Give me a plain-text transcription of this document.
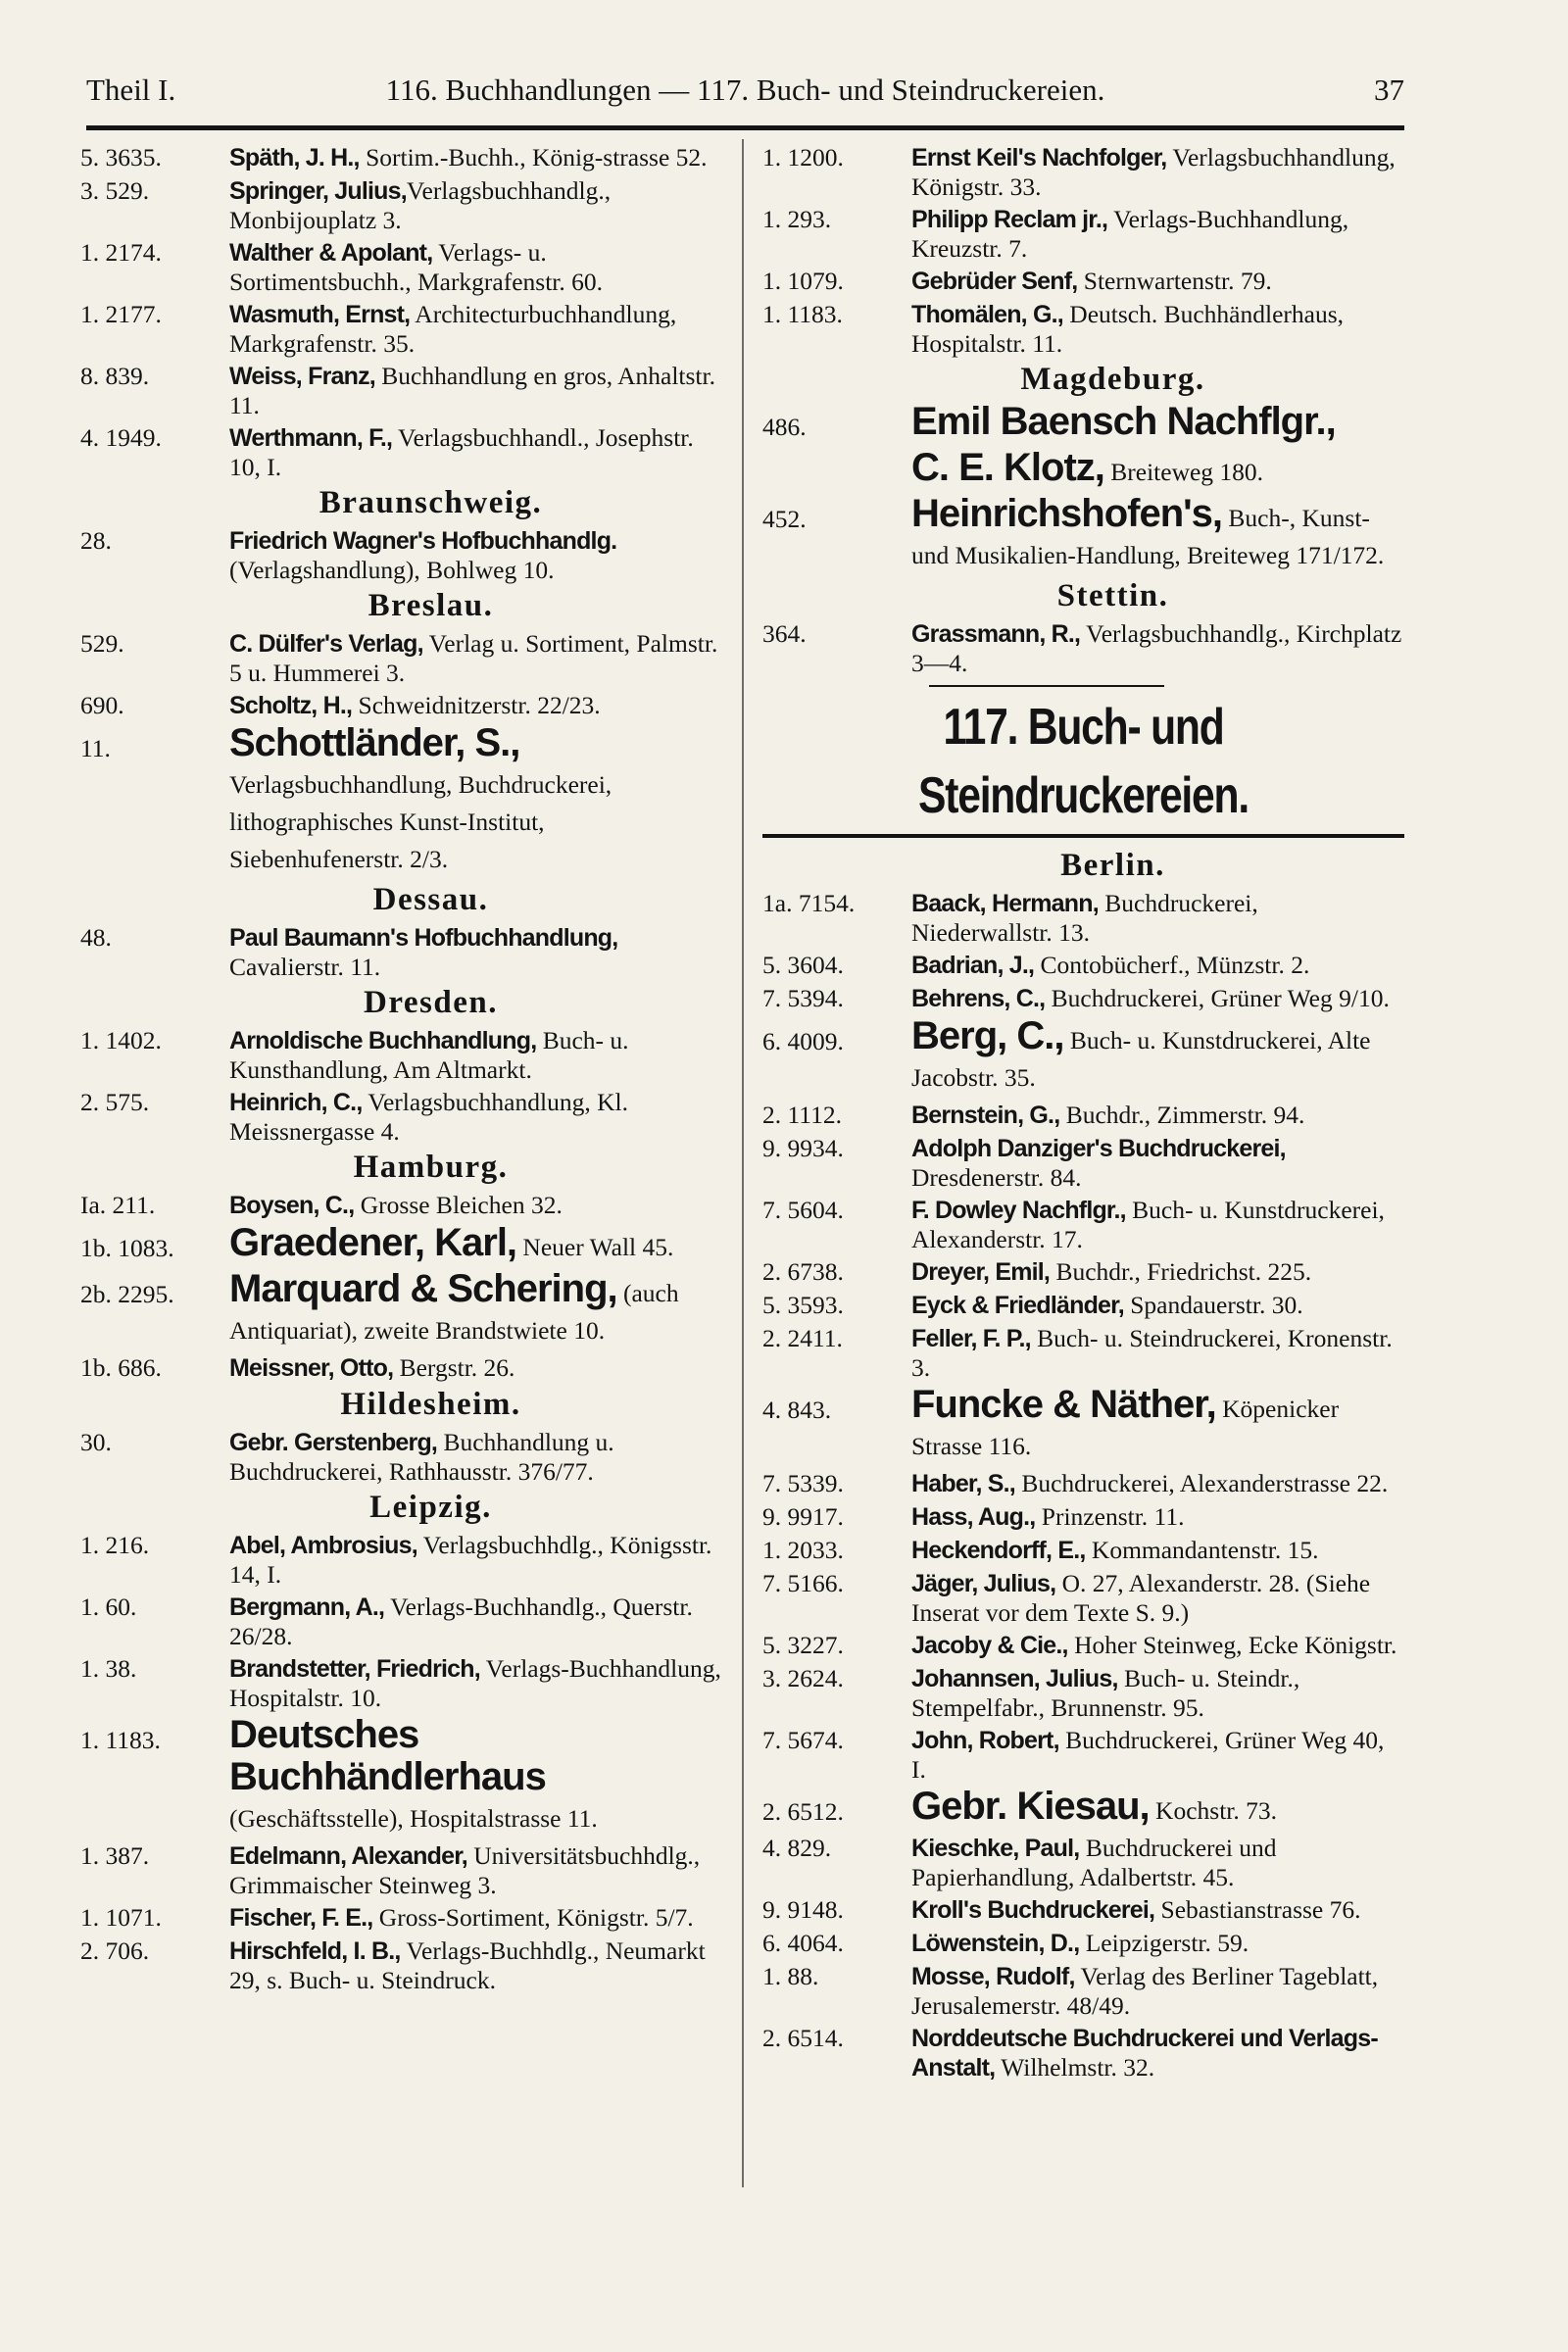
Theil I.	116. Buchhandlungen — 117. Buch- und Steindruckereien.	37
5. 3635.	Späth, J. H., Sortim.-Buchh., König-strasse 52.
3. 529.	Springer, Julius,Verlagsbuchhandlg., Monbijouplatz 3.
1. 2174.	Walther & Apolant, Verlags- u. Sortimentsbuchh., Markgrafenstr. 60.
1. 2177.	Wasmuth, Ernst, Architecturbuchhandlung, Markgrafenstr. 35.
8. 839.	Weiss, Franz, Buchhandlung en gros, Anhaltstr. 11.
4. 1949.	Werthmann, F., Verlagsbuchhandl., Josephstr. 10, I.
Braunschweig.
28.	Friedrich Wagner's Hofbuchhandlg. (Verlagshandlung), Bohlweg 10.
Breslau.
529.	C. Dülfer's Verlag, Verlag u. Sortiment, Palmstr. 5 u. Hummerei 3.
690.	Scholtz, H., Schweidnitzerstr. 22/23.
11.	Schottländer, S., Verlagsbuchhandlung, Buchdruckerei, lithographisches Kunst-Institut, Siebenhufenerstr. 2/3.
Dessau.
48.	Paul Baumann's Hofbuchhandlung, Cavalierstr. 11.
Dresden.
1. 1402.	Arnoldische Buchhandlung, Buch- u. Kunsthandlung, Am Altmarkt.
2. 575.	Heinrich, C., Verlagsbuchhandlung, Kl. Meissnergasse 4.
Hamburg.
Ia. 211.	Boysen, C., Grosse Bleichen 32.
1b. 1083.	Graedener, Karl, Neuer Wall 45.
2b. 2295.	Marquard & Schering, (auch Antiquariat), zweite Brandstwiete 10.
1b. 686.	Meissner, Otto, Bergstr. 26.
Hildesheim.
30.	Gebr. Gerstenberg, Buchhandlung u. Buchdruckerei, Rathhausstr. 376/77.
Leipzig.
1. 216.	Abel, Ambrosius, Verlagsbuchhdlg., Königsstr. 14, I.
1. 60.	Bergmann, A., Verlags-Buchhandlg., Querstr. 26/28.
1. 38.	Brandstetter, Friedrich, Verlags-Buchhandlung, Hospitalstr. 10.
1. 1183.	Deutsches Buchhändlerhaus (Geschäftsstelle), Hospitalstrasse 11.
1. 387.	Edelmann, Alexander, Universitätsbuchhdlg., Grimmaischer Steinweg 3.
1. 1071.	Fischer, F. E., Gross-Sortiment, Königstr. 5/7.
2. 706.	Hirschfeld, I. B., Verlags-Buchhdlg., Neumarkt 29, s. Buch- u. Steindruck.
1. 1200.	Ernst Keil's Nachfolger, Verlagsbuchhandlung, Königstr. 33.
1. 293.	Philipp Reclam jr., Verlags-Buchhandlung, Kreuzstr. 7.
1. 1079.	Gebrüder Senf, Sternwartenstr. 79.
1. 1183.	Thomälen, G., Deutsch. Buchhändlerhaus, Hospitalstr. 11.
Magdeburg.
486.	Emil Baensch Nachflgr.,
C. E. Klotz, Breiteweg 180.
452.	Heinrichshofen's, Buch-, Kunst- und Musikalien-Handlung, Breiteweg 171/172.
Stettin.
364.	Grassmann, R., Verlagsbuchhandlg., Kirchplatz 3—4.
117. Buch- und Steindruckereien.
Berlin.
1a. 7154.	Baack, Hermann, Buchdruckerei, Niederwallstr. 13.
5. 3604.	Badrian, J., Contobücherf., Münzstr. 2.
7. 5394.	Behrens, C., Buchdruckerei, Grüner Weg 9/10.
6. 4009.	Berg, C., Buch- u. Kunstdruckerei, Alte Jacobstr. 35.
2. 1112.	Bernstein, G., Buchdr., Zimmerstr. 94.
9. 9934.	Adolph Danziger's Buchdruckerei, Dresdenerstr. 84.
7. 5604.	F. Dowley Nachflgr., Buch- u. Kunstdruckerei, Alexanderstr. 17.
2. 6738.	Dreyer, Emil, Buchdr., Friedrichst. 225.
5. 3593.	Eyck & Friedländer, Spandauerstr. 30.
2. 2411.	Feller, F. P., Buch- u. Steindruckerei, Kronenstr. 3.
4. 843.	Funcke & Näther, Köpenicker Strasse 116.
7. 5339.	Haber, S., Buchdruckerei, Alexanderstrasse 22.
9. 9917.	Hass, Aug., Prinzenstr. 11.
1. 2033.	Heckendorff, E., Kommandantenstr. 15.
7. 5166.	Jäger, Julius, O. 27, Alexanderstr. 28. (Siehe Inserat vor dem Texte S. 9.)
5. 3227.	Jacoby & Cie., Hoher Steinweg, Ecke Königstr.
3. 2624.	Johannsen, Julius, Buch- u. Steindr., Stempelfabr., Brunnenstr. 95.
7. 5674.	John, Robert, Buchdruckerei, Grüner Weg 40, I.
2. 6512.	Gebr. Kiesau, Kochstr. 73.
4. 829.	Kieschke, Paul, Buchdruckerei und Papierhandlung, Adalbertstr. 45.
9. 9148.	Kroll's Buchdruckerei, Sebastianstrasse 76.
6. 4064.	Löwenstein, D., Leipzigerstr. 59.
1. 88.	Mosse, Rudolf, Verlag des Berliner Tageblatt, Jerusalemerstr. 48/49.
2. 6514.	Norddeutsche Buchdruckerei und Verlags-Anstalt, Wilhelmstr. 32.
